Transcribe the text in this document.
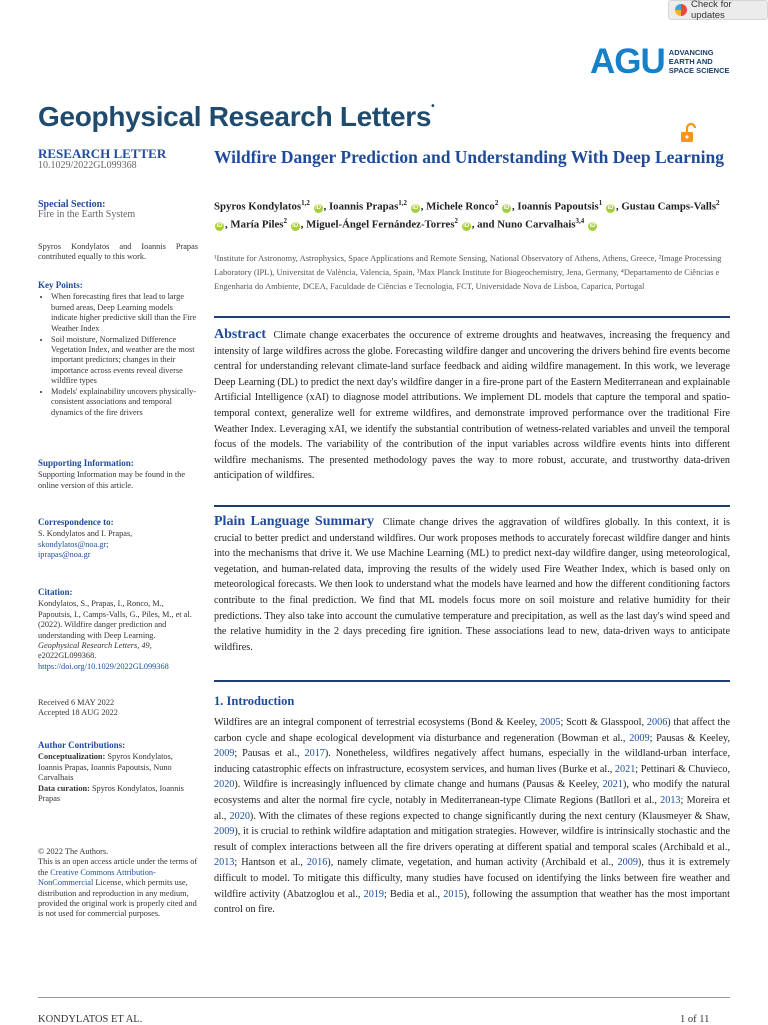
Check for updates
AGU ADVANCING
EARTH AND
SPACE SCIENCE
Geophysical Research Letters•
RESEARCH LETTER
10.1029/2022GL099368
Special Section:
Fire in the Earth System
Spyros Kondylatos and Ioannis Prapas contributed equally to this work.
Key Points:
• When forecasting fires that lead to large burned areas, Deep Learning models indicate higher predictive skill than the Fire Weather Index
• Soil moisture, Normalized Difference Vegetation Index, and weather are the most important predictors; changes in their importance across events reveal diverse wildfire types
• Models' explainability uncovers physically-consistent associations and temporal dynamics of the fire drivers
Supporting Information:
Supporting Information may be found in the online version of this article.
Correspondence to:
S. Kondylatos and I. Prapas,
skondylatos@noa.gr;
iprapas@noa.gr
Citation:
Kondylatos, S., Prapas, I., Ronco, M., Papoutsis, I., Camps-Valls, G., Piles, M., et al. (2022). Wildfire danger prediction and understanding with Deep Learning. Geophysical Research Letters, 49, e2022GL099368. https://doi.org/10.1029/2022GL099368
Received 6 MAY 2022
Accepted 18 AUG 2022
Author Contributions:
Conceptualization: Spyros Kondylatos, Ioannis Prapas, Ioannis Papoutsis, Nuno Carvalhais
Data curation: Spyros Kondylatos, Ioannis Prapas
© 2022 The Authors.
This is an open access article under the terms of the Creative Commons Attribution-NonCommercial License, which permits use, distribution and reproduction in any medium, provided the original work is properly cited and is not used for commercial purposes.
Wildfire Danger Prediction and Understanding With Deep Learning
Spyros Kondylatos$^{1,2}$ iD , Ioannis Prapas$^{1,2}$ iD , Michele Ronco$^2$ iD , Ioannis Papoutsis$^1$ iD , Gustau Camps-Valls$^2$ iD , María Piles$^2$ iD , Miguel-Ángel Fernández-Torres$^2$ iD , and Nuno Carvalhais$^{3,4}$ iD
¹Institute for Astronomy, Astrophysics, Space Applications and Remote Sensing, National Observatory of Athens, Athens, Greece, ²Image Processing Laboratory (IPL), Universitat de València, Valencia, Spain, ³Max Planck Institute for Biogeochemistry, Jena, Germany, ⁴Departamento de Ciências e Engenharia do Ambiente, DCEA, Faculdade de Ciências e Tecnologia, FCT, Universidade Nova de Lisboa, Caparica, Portugal
Abstract Climate change exacerbates the occurence of extreme droughts and heatwaves, increasing the frequency and intensity of large wildfires across the globe. Forecasting wildfire danger and uncovering the drivers behind fire events become central for understanding relevant climate-land surface feedback and aiding wildfire management. In this work, we leverage Deep Learning (DL) to predict the next day's wildfire danger in a fire-prone part of the Eastern Mediterranean and explainable Artificial Intelligence (xAI) to diagnose model attributions. We implement DL models that capture the temporal and spatio-temporal context, generalize well for extreme wildfires, and demonstrate improved performance over the traditional Fire Weather Index. Leveraging xAI, we identify the substantial contribution of wetness-related variables and unveil the temporal focus of the models. The variability of the contribution of the input variables across wildfire events hints into different wildfire mechanisms. The presented methodology paves the way to more robust, accurate, and trustworthy data-driven anticipation of wildfires.
Plain Language Summary Climate change drives the aggravation of wildfires globally. In this context, it is crucial to better predict and understand wildfires. Our work proposes methods to accurately forecast wildfire danger and hints into the mechanisms that drive it. We use Machine Learning (ML) to predict next-day wildfire danger, using meteorological, vegetation, and human-related data, improving the results of the widely used Fire Weather Index, which is based only on meteorological forecasts. We then look to understand what the models have learned and how the different conditioning factors contribute to the final prediction. We find that ML models focus more on soil moisture and relative humidity for their predictions. They also take into account the cumulative temperature and precipitation, as well as the last day's wind speed and the relative humidity in the 2 days preceding fire ignition. These associations lead to new, data-driven ways to anticipate wildfires.
1. Introduction
Wildfires are an integral component of terrestrial ecosystems (Bond & Keeley, 2005; Scott & Glasspool, 2006) that affect the carbon cycle and shape ecological development via disturbance and regeneration (Bowman et al., 2009; Pausas & Keeley, 2009; Pausas et al., 2017). Nonetheless, wildfires negatively affect humans, especially in the wildland-urban interface, inducing catastrophic effects on infrastructure, ecosystem services, and human lives (Burke et al., 2021; Pettinari & Chuvieco, 2020). Wildfire is increasingly influenced by climate change and humans (Pausas & Keeley, 2021), who modify the natural ecosystems and alter the normal fire cycle, notably in Mediterranean-type Climate Regions (Batllori et al., 2013; Moreira et al., 2020). With the climates of these regions expected to change significantly during the next century (Klausmeyer & Shaw, 2009), it is crucial to rethink wildfire adaptation and mitigation strategies. However, wildfire is intrinsically stochastic and the result of complex interactions between all the fire drivers operating at different spatial and temporal scales (Archibald et al., 2013; Hantson et al., 2016), namely climate, vegetation, and human activity (Archibald et al., 2009), thus it is extremely difficult to model. To mitigate this difficulty, many studies have focused on identifying the links between fire weather and wildfire activity (Abatzoglou et al., 2019; Bedia et al., 2015), following the assumption that weather has the most important control on fire.
KONDYLATOS ET AL.	1 of 11
